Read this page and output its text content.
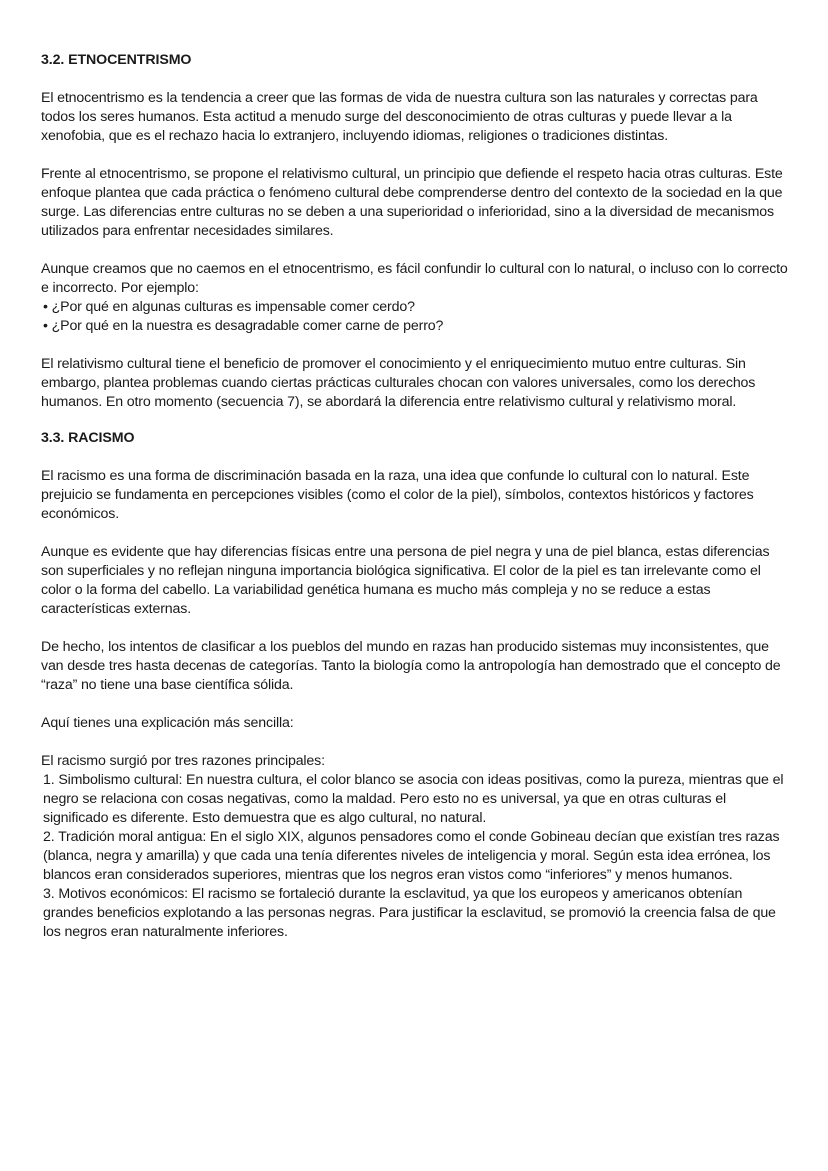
3.2. ETNOCENTRISMO

El etnocentrismo es la tendencia a creer que las formas de vida de nuestra cultura son las naturales y correctas para todos los seres humanos. Esta actitud a menudo surge del desconocimiento de otras culturas y puede llevar a la xenofobia, que es el rechazo hacia lo extranjero, incluyendo idiomas, religiones o tradiciones distintas.

Frente al etnocentrismo, se propone el relativismo cultural, un principio que defiende el respeto hacia otras culturas. Este enfoque plantea que cada práctica o fenómeno cultural debe comprenderse dentro del contexto de la sociedad en la que surge. Las diferencias entre culturas no se deben a una superioridad o inferioridad, sino a la diversidad de mecanismos utilizados para enfrentar necesidades similares.

Aunque creamos que no caemos en el etnocentrismo, es fácil confundir lo cultural con lo natural, o incluso con lo correcto e incorrecto. Por ejemplo:

• ¿Por qué en algunas culturas es impensable comer cerdo?
• ¿Por qué en la nuestra es desagradable comer carne de perro?

El relativismo cultural tiene el beneficio de promover el conocimiento y el enriquecimiento mutuo entre culturas. Sin embargo, plantea problemas cuando ciertas prácticas culturales chocan con valores universales, como los derechos humanos. En otro momento (secuencia 7), se abordará la diferencia entre relativismo cultural y relativismo moral.

3.3. RACISMO

El racismo es una forma de discriminación basada en la raza, una idea que confunde lo cultural con lo natural. Este prejuicio se fundamenta en percepciones visibles (como el color de la piel), símbolos, contextos históricos y factores económicos.

Aunque es evidente que hay diferencias físicas entre una persona de piel negra y una de piel blanca, estas diferencias son superficiales y no reflejan ninguna importancia biológica significativa. El color de la piel es tan irrelevante como el color o la forma del cabello. La variabilidad genética humana es mucho más compleja y no se reduce a estas características externas.

De hecho, los intentos de clasificar a los pueblos del mundo en razas han producido sistemas muy inconsistentes, que van desde tres hasta decenas de categorías. Tanto la biología como la antropología han demostrado que el concepto de “raza” no tiene una base científica sólida.

Aquí tienes una explicación más sencilla:

El racismo surgió por tres razones principales:

1. Simbolismo cultural: En nuestra cultura, el color blanco se asocia con ideas positivas, como la pureza, mientras que el negro se relaciona con cosas negativas, como la maldad. Pero esto no es universal, ya que en otras culturas el significado es diferente. Esto demuestra que es algo cultural, no natural.
2. Tradición moral antigua: En el siglo XIX, algunos pensadores como el conde Gobineau decían que existían tres razas (blanca, negra y amarilla) y que cada una tenía diferentes niveles de inteligencia y moral. Según esta idea errónea, los blancos eran considerados superiores, mientras que los negros eran vistos como “inferiores” y menos humanos.
3. Motivos económicos: El racismo se fortaleció durante la esclavitud, ya que los europeos y americanos obtenían grandes beneficios explotando a las personas negras. Para justificar la esclavitud, se promovió la creencia falsa de que los negros eran naturalmente inferiores.
